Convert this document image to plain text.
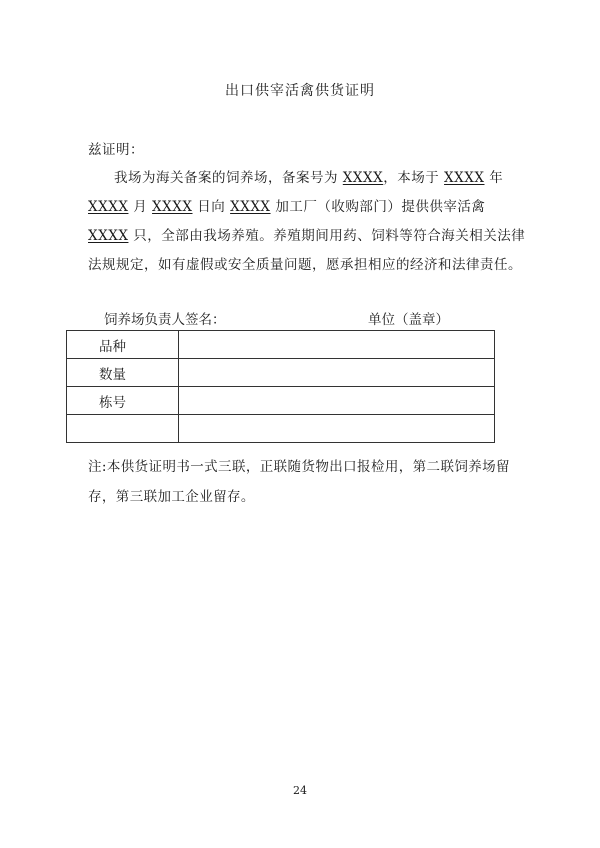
出口供宰活禽供货证明
兹证明：
我场为海关备案的饲养场，备案号为 XXXX，本场于 XXXX 年 XXXX 月 XXXX 日向 XXXX 加工厂（收购部门）提供供宰活禽 XXXX 只，全部由我场养殖。养殖期间用药、饲料等符合海关相关法律法规规定，如有虚假或安全质量问题，愿承担相应的经济和法律责任。
饲养场负责人签名：	单位（盖章）
品种	
数量	
栋号	

注:本供货证明书一式三联，正联随货物出口报检用，第二联饲养场留存，第三联加工企业留存。
24
